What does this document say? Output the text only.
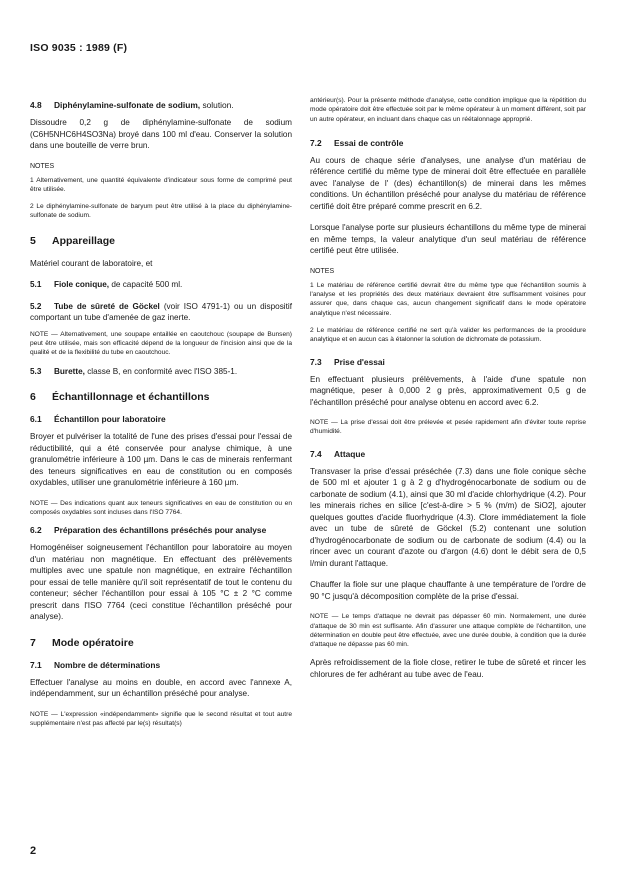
ISO 9035 : 1989 (F)
4.8 Diphénylamine-sulfonate de sodium, solution.

Dissoudre 0,2 g de diphénylamine-sulfonate de sodium (C6H5NHC6H4SO3Na) broyé dans 100 ml d'eau. Conserver la solution dans une bouteille de verre brun.

NOTES

1 Alternativement, une quantité équivalente d'indicateur sous forme de comprimé peut être utilisée.

2 Le diphénylamine-sulfonate de baryum peut être utilisé à la place du diphénylamine-sulfonate de sodium.

5 Appareillage

Matériel courant de laboratoire, et

5.1 Fiole conique, de capacité 500 ml.

5.2 Tube de sûreté de Göckel (voir ISO 4791-1) ou un dispositif comportant un tube d'amenée de gaz inerte.

NOTE — Alternativement, une soupape entaillée en caoutchouc (soupape de Bunsen) peut être utilisée, mais son efficacité dépend de la longueur de l'incision ainsi que de la qualité et de la flexibilité du tube en caoutchouc.

5.3 Burette, classe B, en conformité avec l'ISO 385-1.

6 Échantillonnage et échantillons
6.1 Échantillon pour laboratoire

Broyer et pulvériser la totalité de l'une des prises d'essai pour l'essai de réductibilité, qui a été conservée pour analyse chimique, à une granulométrie inférieure à 100 µm. Dans le cas de minerais renfermant des teneurs significatives en eau de constitution ou en composés oxydables, utiliser une granulométrie inférieure à 160 µm.

NOTE — Des indications quant aux teneurs significatives en eau de constitution ou en composés oxydables sont incluses dans l'ISO 7764.

6.2 Préparation des échantillons préséchés pour analyse

Homogénéiser soigneusement l'échantillon pour laboratoire au moyen d'un matériau non magnétique. En effectuant des prélèvements multiples avec une spatule non magnétique, en extraire l'échantillon pour essai de telle manière qu'il soit représentatif de tout le contenu du conteneur; sécher l'échantillon pour essai à 105 °C ± 2 °C comme prescrit dans l'ISO 7764 (ceci constitue l'échantillon préséché pour analyse).

7 Mode opératoire
7.1 Nombre de déterminations

Effectuer l'analyse au moins en double, en accord avec l'annexe A, indépendamment, sur un échantillon préséché pour analyse.

NOTE — L'expression «indépendamment» signifie que le second résultat et tout autre supplémentaire n'est pas affecté par le(s) résultat(s)

antérieur(s). Pour la présente méthode d'analyse, cette condition implique que la répétition du mode opératoire doit être effectuée soit par le même opérateur à un moment différent, soit par un autre opérateur, en incluant dans chaque cas un réétalonnage approprié.

7.2 Essai de contrôle

Au cours de chaque série d'analyses, une analyse d'un matériau de référence certifié du même type de minerai doit être effectuée en parallèle avec l'analyse de l' (des) échantillon(s) de minerai dans les mêmes conditions. Un échantillon préséché pour analyse du matériau de référence certifié doit être préparé comme prescrit en 6.2.

Lorsque l'analyse porte sur plusieurs échantillons du même type de minerai en même temps, la valeur analytique d'un seul matériau de référence certifié peut être utilisée.

NOTES

1 Le matériau de référence certifié devrait être du même type que l'échantillon soumis à l'analyse et les propriétés des deux matériaux devraient être suffisamment voisines pour assurer que, dans chaque cas, aucun changement significatif dans le mode opératoire analytique n'est nécessaire.

2 Le matériau de référence certifié ne sert qu'à valider les performances de la procédure analytique et en aucun cas à étalonner la solution de dichromate de potassium.

7.3 Prise d'essai

En effectuant plusieurs prélèvements, à l'aide d'une spatule non magnétique, peser à 0,000 2 g près, approximativement 0,5 g de l'échantillon préséché pour analyse obtenu en accord avec 6.2.

NOTE — La prise d'essai doit être prélevée et pesée rapidement afin d'éviter toute reprise d'humidité.

7.4 Attaque

Transvaser la prise d'essai préséchée (7.3) dans une fiole conique sèche de 500 ml et ajouter 1 g à 2 g d'hydrogénocarbonate de sodium ou de carbonate de sodium (4.1), ainsi que 30 ml d'acide chlorhydrique (4.2). Pour les minerais riches en silice [c'est-à-dire > 5 % (m/m) de SiO2], ajouter quelques gouttes d'acide fluorhydrique (4.3). Clore immédiatement la fiole avec un tube de sûreté de Göckel (5.2) contenant une solution d'hydrogénocarbonate de sodium ou de carbonate de sodium (4.4) ou la rincer avec un courant d'azote ou d'argon (4.6) dont le débit sera de 0,5 l/min durant l'attaque.

Chauffer la fiole sur une plaque chauffante à une température de l'ordre de 90 °C jusqu'à décomposition complète de la prise d'essai.

NOTE — Le temps d'attaque ne devrait pas dépasser 60 min. Normalement, une durée d'attaque de 30 min est suffisante. Afin d'assurer une attaque complète de l'échantillon, une détermination en double peut être effectuée, avec une durée double, à condition que la durée d'attaque ne dépasse pas 60 min.

Après refroidissement de la fiole close, retirer le tube de sûreté et rincer les chlorures de fer adhérant au tube avec de l'eau.

2
